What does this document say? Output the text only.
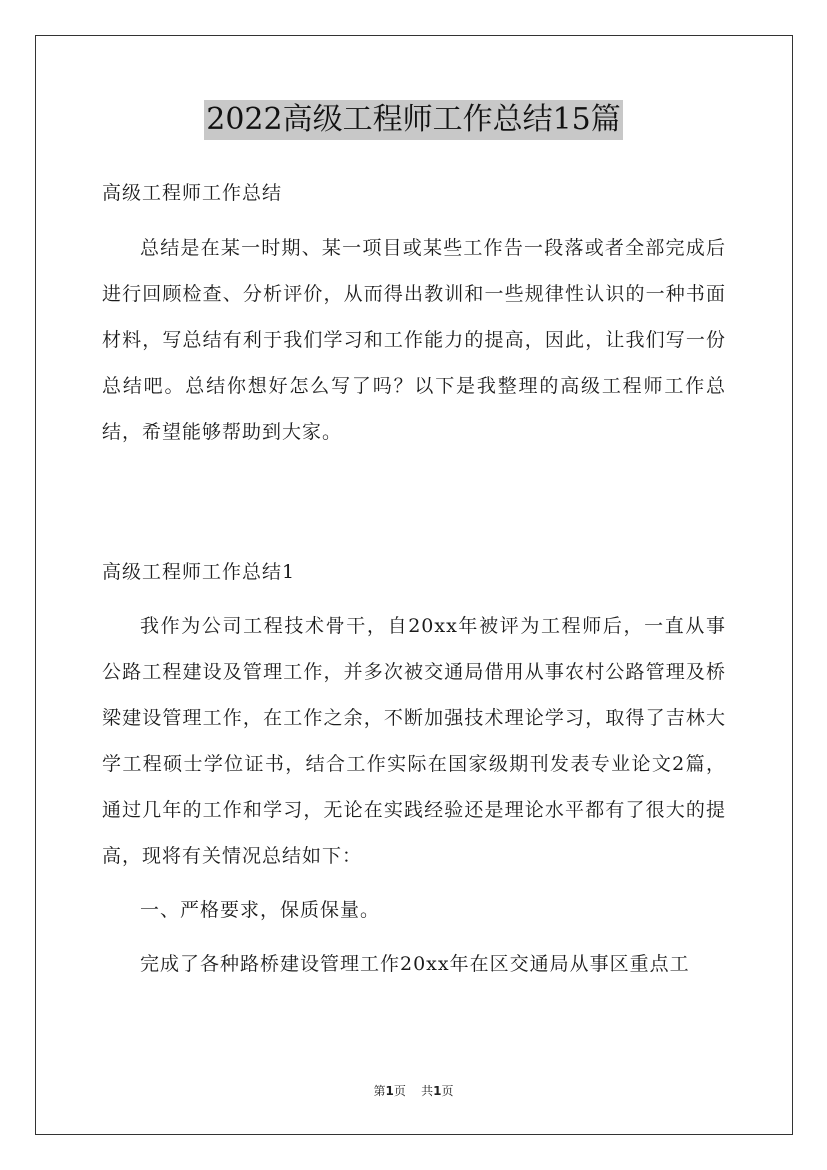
2022高级工程师工作总结15篇
高级工程师工作总结

总结是在某一时期、某一项目或某些工作告一段落或者全部完成后进行回顾检查、分析评价，从而得出教训和一些规律性认识的一种书面材料，写总结有利于我们学习和工作能力的提高，因此，让我们写一份总结吧。总结你想好怎么写了吗？以下是我整理的高级工程师工作总结，希望能够帮助到大家。

高级工程师工作总结1

我作为公司工程技术骨干，自20xx年被评为工程师后，一直从事公路工程建设及管理工作，并多次被交通局借用从事农村公路管理及桥梁建设管理工作，在工作之余，不断加强技术理论学习，取得了吉林大学工程硕士学位证书，结合工作实际在国家级期刊发表专业论文2篇，通过几年的工作和学习，无论在实践经验还是理论水平都有了很大的提高，现将有关情况总结如下：

一、严格要求，保质保量。

完成了各种路桥建设管理工作20xx年在区交通局从事区重点工

第1页 共1页
